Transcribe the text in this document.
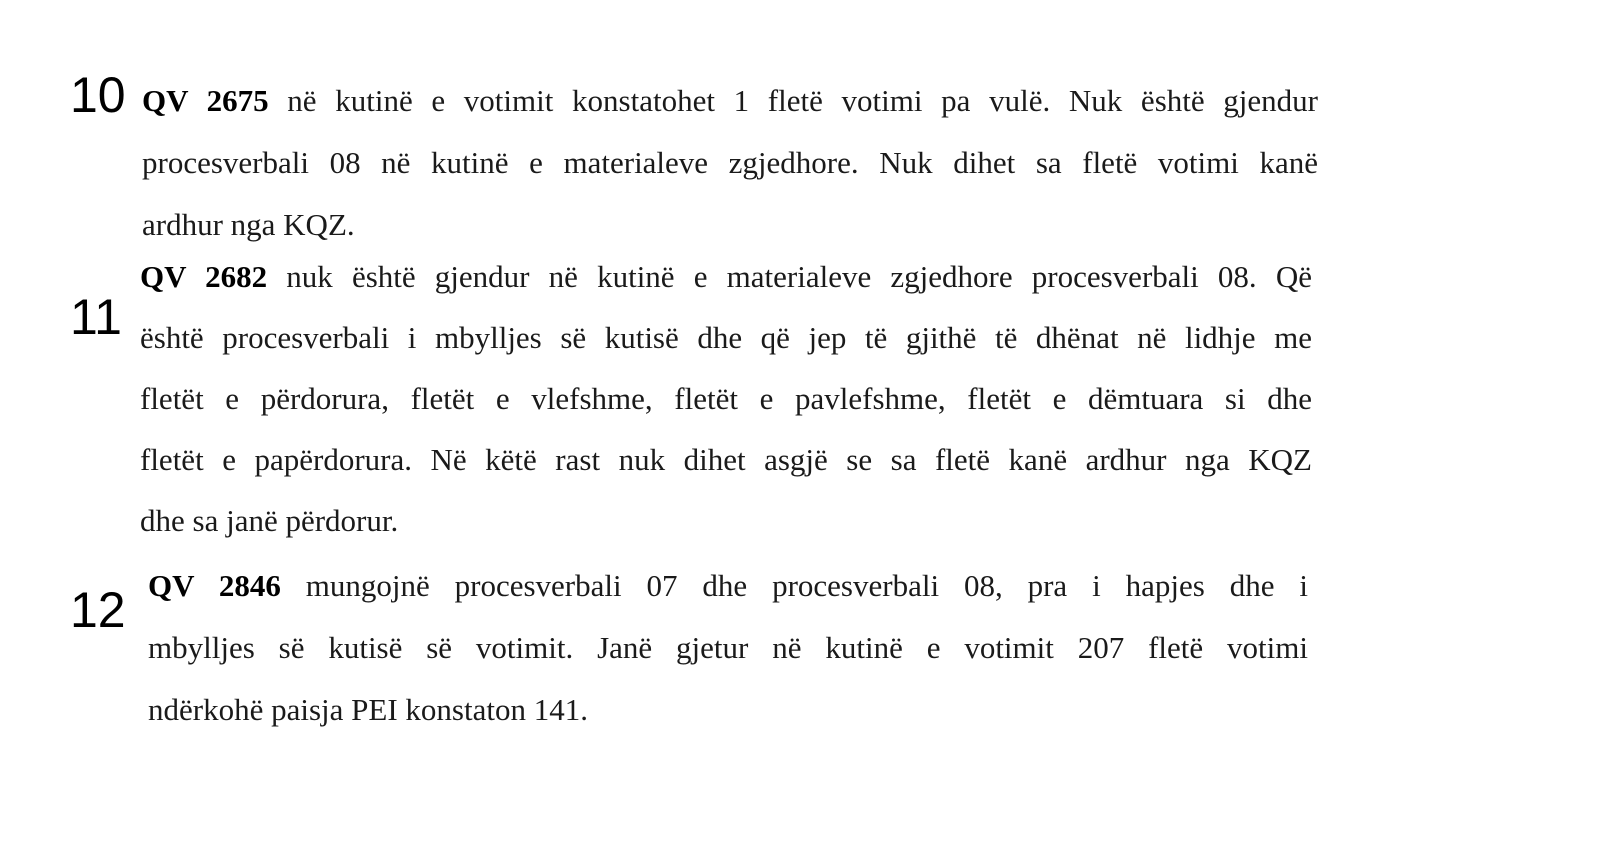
10 QV 2675 në kutinë e votimit konstatohet 1 fletë votimi pa vulë. Nuk është gjendur
procesverbali 08 në kutinë e materialeve zgjedhore. Nuk dihet sa fletë votimi kanë
ardhur nga KQZ.
11
QV 2682 nuk është gjendur në kutinë e materialeve zgjedhore procesverbali 08. Që
është procesverbali i mbylljes së kutisë dhe që jep të gjithë të dhënat në lidhje me
fletët e përdorura, fletët e vlefshme, fletët e pavlefshme, fletët e dëmtuara si dhe
fletët e papërdorura. Në këtë rast nuk dihet asgjë se sa fletë kanë ardhur nga KQZ
dhe sa janë përdorur.
12 QV 2846 mungojnë procesverbali 07 dhe procesverbali 08, pra i hapjes dhe i
mbylljes së kutisë së votimit. Janë gjetur në kutinë e votimit 207 fletë votimi
ndërkohë paisja PEI konstaton 141.
